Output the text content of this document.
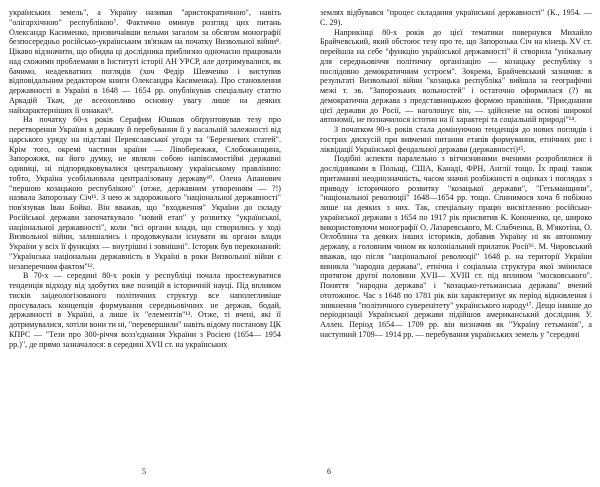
українських земель", а Україну називав "аристократичною", навіть "олігархічною" республікою⁷. Фактично оминув розгляд цих питань Олександр Касименко, призвичаївши вельми загалом за обсягом монографії безпосередньо російсько-українським зв'язкам на початку Визвольної війни⁸. Цікаво відзначити, що обидва ці дослідника приблизно одночасно працювали над схожими проблемами в Інституті історії АН УРСР, але дотримувалися, як бачимо, неадекватних поглядів (хоч Федір Шевченко і виступив відповідальним редактором книги Олександра Касименка). Про становлення державності в Україні в 1648 — 1654 рр. опублікував спеціальну статтю Аркадій Ткач, де всеохопливо основну увагу лише на деяких найхарактерніших її ознаках⁹.

На початку 60-х років Серафим Юшков обґрунтовував тезу про перетворення України в державу й перебування її у васальній залежності від царського уряду на підставі Переяславської угоди та "Березневих статей". Крім того, окремі частини країни — Лівобережжя, Слобожанщина, Запорожжя, на його думку, не являли собою напівсамостійні державні одиниці, ні підпорядковувалися центральному українському правлінню: тобто, Україна усобільювала централізовану державу¹⁰. Олена Апанович "першою козацькою республікою" (отже, державним утворенням — ?!) назвала Запорозьку Січ¹¹. З нею ж задорожнього "національної державності" пов'язував Іван Бойко. Він вважав, що "входження" України до складу Російської держави започаткувало "новий етап" у розвитку "української, національної державності", коли "всі органи влади, що створились у ході Визвольної війни, залишались і продовжували існувати як органи влади України у всіх її функціях — внутрішні і зовнішні". Історик був переконаний: "Українська національна державність в Україні в роки Визвольної війни є незаперечним фактом"¹².

В 70-х — середині 80-х років у республіці почала простежуватися тенденція відходу від здобутих вже позицій в історичній науці. Під впливом тисків заідеологізованого політичних структур все наполегливіше просувалась концепція формування середньовічних не держав, бодай, державності в Україні, а лише їх "елементів"¹³. Отже, ті вчені, які її дотримувалися, хотіли вони ти ні, "перевершили" навіть відому постанову ЦК КПРС — "Тези про 300-річчя возз'єднання України з Росією (1654— 1954 рр.)", де прямо зазначалося: в середині XVII ст. на українських

5

землях відбувався "процес складання української державності" (К., 1954. — С. 29).

Наприкінці 80-х років до цієї тематики повернувся Михайло Брайчевський, який обстоює тезу про те, що Запорозька Січ на кінець XV ст. перейшла на себе "функцію української державності" й створила "унікальну для середньовіччя політичну організацію — козацьку республіку з послідовно демократичним устроєм". Зокрема, Брайчевський зазначив: в результаті Визвольної війни "козацька республіка" вийшла за географічні межі т. зв. "Запорозьких вольностей" і остаточно оформилася (?) як демократична держава з представницькою формою правління. "Приєднання цієї держави до Росії, — наголошує він, — здійснене на основі широкої автономії, не позначилося істотно на її характері та соціальній природі"¹⁴.

З початком 90-х років стала домінуючою тенденція до нових поглядів і гострих дискусій при вивченні питання етапів формування, етнічних рис і ліквідації Української феодальної держави (державності)¹⁵.

Подібні аспекти паралельно з вітчизняними вченими розроблялися й дослідниками в Польщі, США, Канаді, ФРН, Англії тощо. Їх праці також притаманні неоднозначність, часом значні розбіжності в оцінках і поглядах з приводу історичного розвитку "козацької держави", "Гетьманщини", "національної революції" 1648—1654 рр. тощо. Спинимося хоча б побіжно лише на деяких з них. Так, спеціальну працю висвітленню російсько-української держави з 1654 по 1917 рік присвятив К. Кононенко, це, широко використовуючи монографії О. Лазаревського, М. Слабченка, В. М'якотіна, О. Оглоблина та деяких інших істориків, добавив Україну ні як автономну державу, а головним чином як колоніальний прилаток Росії¹⁶. М. Чировський вважав, що після "національної революції" 1648 р. на території України виникла "народна держава", етнічна і соціальна структура якої змінилася протягом другої половини XVII— XVIII ст. під впливом "московського". Поняття "народна держава" і "козацько-гетьманська держава" вчений ототожнює. Час з 1648 по 1781 рік він характеризує як період відновлення і зникнення "політичного суверенітету" українського народу¹⁷. Дещо інакше до періодизації Української держави підійшов американський дослідник У. Аллен. Період 1654— 1709 рр. він визначив як "Україну гетьманів", а наступний 1709— 1914 рр. — перебування українських земель у "середині

6
